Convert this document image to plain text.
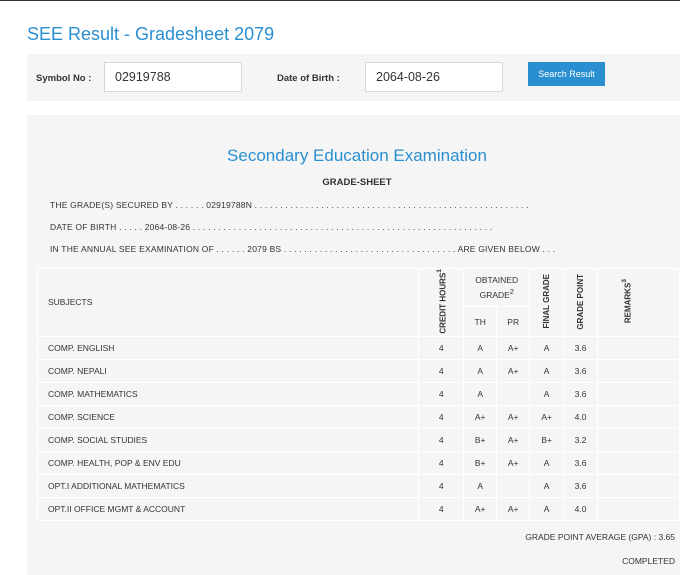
SEE Result - Gradesheet 2079
Symbol No :
02919788	Date of Birth :
2064-08-26	Search Result
Secondary Education Examination
GRADE-SHEET
THE GRADE(S) SECURED BY . . . . . . 02919788N . . . . . . . . . . . . . . . . . . . . . . . . . . . . . . . . . . . . . . . . . . . . . . . . . . . . . .
DATE OF BIRTH . . . . . 2064-08-26 . . . . . . . . . . . . . . . . . . . . . . . . . . . . . . . . . . . . . . . . . . . . . . . . . . . . . . . . . . .
IN THE ANNUAL SEE EXAMINATION OF . . . . . . 2079 BS . . . . . . . . . . . . . . . . . . . . . . . . . . . . . . . . . . ARE GIVEN BELOW . . .
SUBJECTS	CREDIT HOURS$^1$	OBTAINED GRADE$^2$		FINAL GRADE	GRADE POINT	REMARKS$^3$
		TH	PR			
COMP. ENGLISH	4	A	A+	A	3.6	
COMP. NEPALI	4	A	A+	A	3.6	
COMP. MATHEMATICS	4	A		A	3.6	
COMP. SCIENCE	4	A+	A+	A+	4.0	
COMP. SOCIAL STUDIES	4	B+	A+	B+	3.2	
COMP. HEALTH, POP & ENV EDU	4	B+	A+	A	3.6	
OPT.I ADDITIONAL MATHEMATICS	4	A		A	3.6	
OPT.II OFFICE MGMT & ACCOUNT	4	A+	A+	A	4.0	
GRADE POINT AVERAGE (GPA) : 3.65
COMPLETED
